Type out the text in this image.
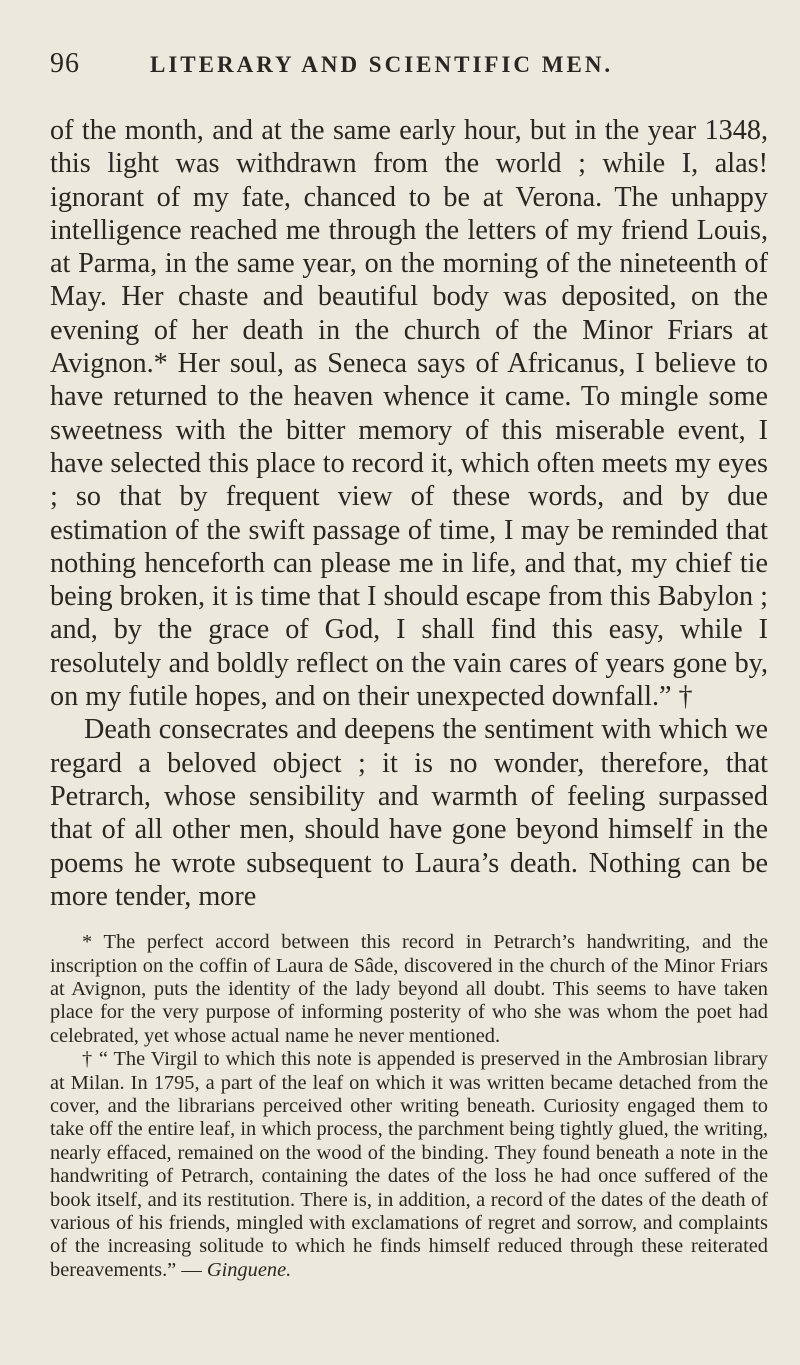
96	LITERARY AND SCIENTIFIC MEN.

of the month, and at the same early hour, but in the year 1348, this light was withdrawn from the world ; while I, alas! ignorant of my fate, chanced to be at Verona. The unhappy intelligence reached me through the letters of my friend Louis, at Parma, in the same year, on the morning of the nineteenth of May. Her chaste and beautiful body was deposited, on the evening of her death in the church of the Minor Friars at Avignon.* Her soul, as Seneca says of Africanus, I believe to have returned to the heaven whence it came. To mingle some sweetness with the bitter memory of this miserable event, I have selected this place to record it, which often meets my eyes ; so that by frequent view of these words, and by due estimation of the swift passage of time, I may be reminded that nothing henceforth can please me in life, and that, my chief tie being broken, it is time that I should escape from this Babylon ; and, by the grace of God, I shall find this easy, while I resolutely and boldly reflect on the vain cares of years gone by, on my futile hopes, and on their unexpected downfall.” †

Death consecrates and deepens the sentiment with which we regard a beloved object ; it is no wonder, therefore, that Petrarch, whose sensibility and warmth of feeling surpassed that of all other men, should have gone beyond himself in the poems he wrote subsequent to Laura’s death. Nothing can be more tender, more

* The perfect accord between this record in Petrarch’s handwriting, and the inscription on the coffin of Laura de Sâde, discovered in the church of the Minor Friars at Avignon, puts the identity of the lady beyond all doubt. This seems to have taken place for the very purpose of informing posterity of who she was whom the poet had celebrated, yet whose actual name he never mentioned.

† “ The Virgil to which this note is appended is preserved in the Ambrosian library at Milan. In 1795, a part of the leaf on which it was written became detached from the cover, and the librarians perceived other writing beneath. Curiosity engaged them to take off the entire leaf, in which process, the parchment being tightly glued, the writing, nearly effaced, remained on the wood of the binding. They found beneath a note in the handwriting of Petrarch, containing the dates of the loss he had once suffered of the book itself, and its restitution. There is, in addition, a record of the dates of the death of various of his friends, mingled with exclamations of regret and sorrow, and complaints of the increasing solitude to which he finds himself reduced through these reiterated bereavements.” — Ginguene.
